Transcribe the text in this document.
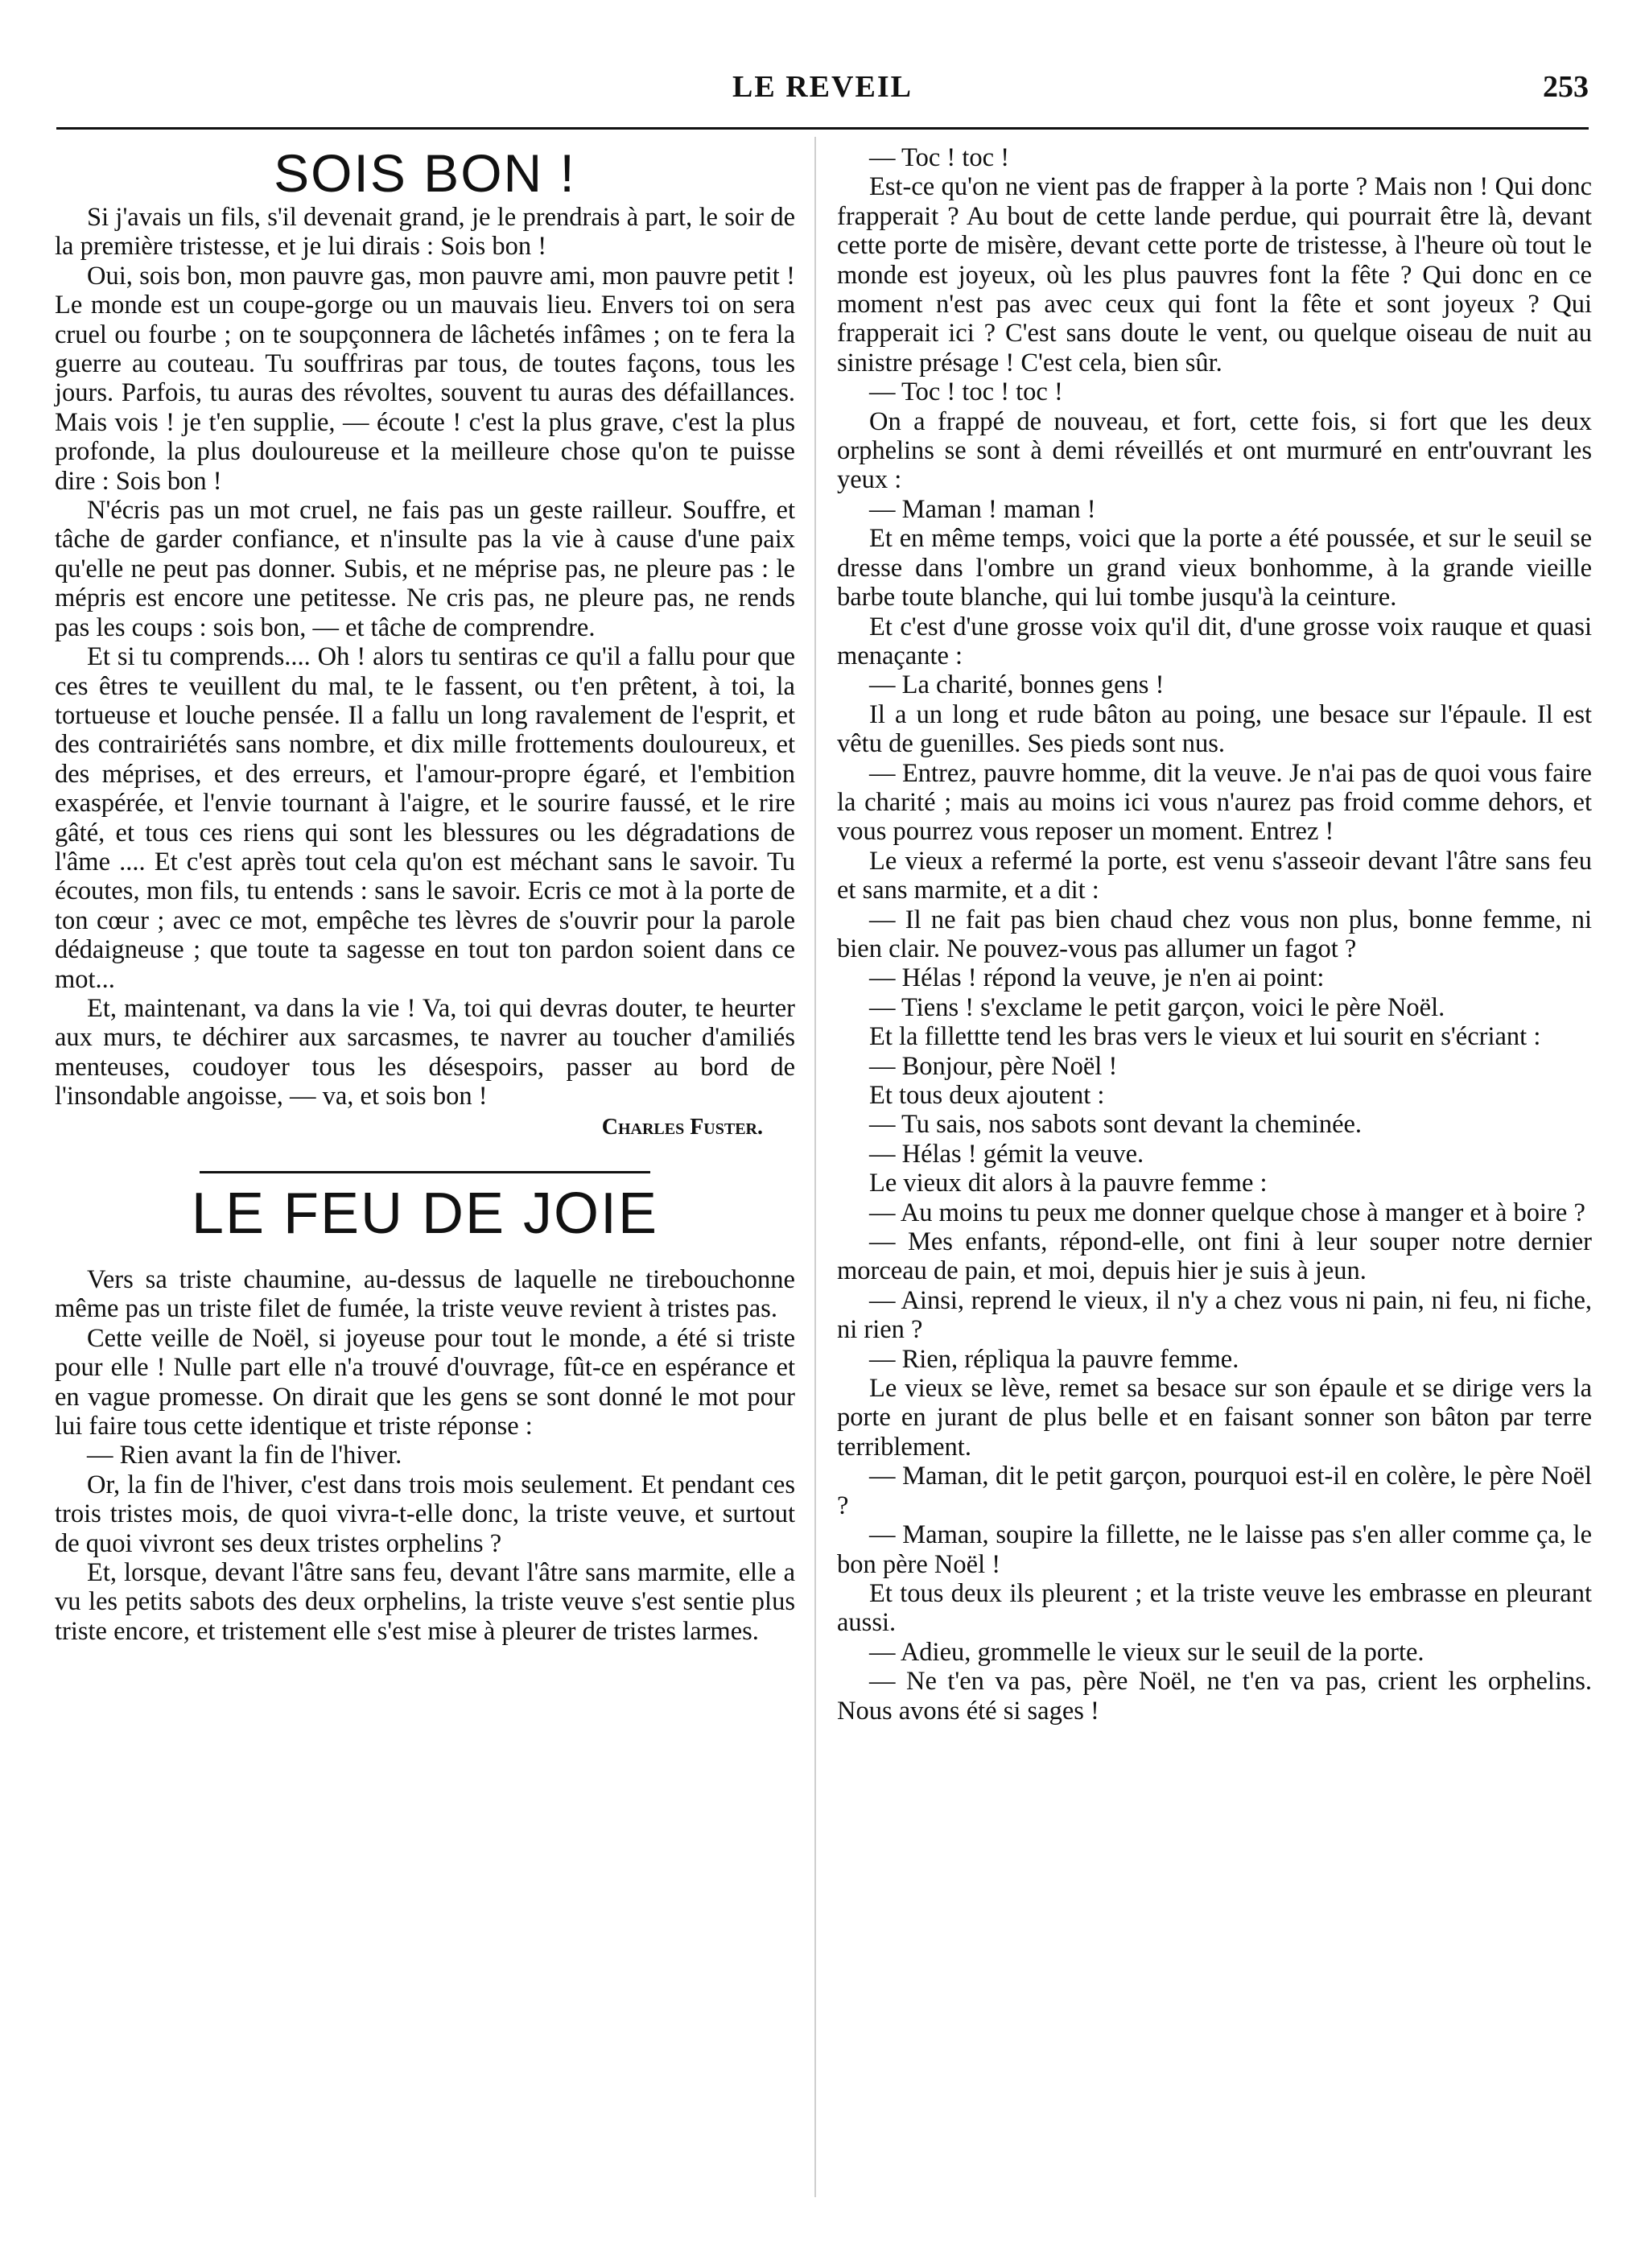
LE REVEIL	253
SOIS BON !

Si j'avais un fils, s'il devenait grand, je le prendrais à part, le soir de la première tristesse, et je lui dirais : Sois bon !

Oui, sois bon, mon pauvre gas, mon pauvre ami, mon pauvre petit ! Le monde est un coupe-gorge ou un mauvais lieu. Envers toi on sera cruel ou fourbe ; on te soupçonnera de lâchetés infâmes ; on te fera la guerre au couteau. Tu souffriras par tous, de toutes façons, tous les jours. Parfois, tu auras des révoltes, souvent tu auras des défaillances. Mais vois ! je t'en supplie, — écoute ! c'est la plus grave, c'est la plus profonde, la plus douloureuse et la meilleure chose qu'on te puisse dire : Sois bon !

N'écris pas un mot cruel, ne fais pas un geste railleur. Souffre, et tâche de garder confiance, et n'insulte pas la vie à cause d'une paix qu'elle ne peut pas donner. Subis, et ne méprise pas, ne pleure pas : le mépris est encore une petitesse. Ne cris pas, ne pleure pas, ne rends pas les coups : sois bon, — et tâche de comprendre.

Et si tu comprends.... Oh ! alors tu sentiras ce qu'il a fallu pour que ces êtres te veuillent du mal, te le fassent, ou t'en prêtent, à toi, la tortueuse et louche pensée. Il a fallu un long ravalement de l'esprit, et des contrairiétés sans nombre, et dix mille frottements douloureux, et des méprises, et des erreurs, et l'amour-propre égaré, et l'embition exaspérée, et l'envie tournant à l'aigre, et le sourire faussé, et le rire gâté, et tous ces riens qui sont les blessures ou les dégradations de l'âme .... Et c'est après tout cela qu'on est méchant sans le savoir. Tu écoutes, mon fils, tu entends : sans le savoir. Ecris ce mot à la porte de ton cœur ; avec ce mot, empêche tes lèvres de s'ouvrir pour la parole dédaigneuse ; que toute ta sagesse en tout ton pardon soient dans ce mot...

Et, maintenant, va dans la vie ! Va, toi qui devras douter, te heurter aux murs, te déchirer aux sarcasmes, te navrer au toucher d'amiliés menteuses, coudoyer tous les désespoirs, passer au bord de l'insondable angoisse, — va, et sois bon !

Charles Fuster.
LE FEU DE JOIE

Vers sa triste chaumine, au-dessus de laquelle ne tirebouchonne même pas un triste filet de fumée, la triste veuve revient à tristes pas.

Cette veille de Noël, si joyeuse pour tout le monde, a été si triste pour elle ! Nulle part elle n'a trouvé d'ouvrage, fût-ce en espérance et en vague promesse. On dirait que les gens se sont donné le mot pour lui faire tous cette identique et triste réponse :

— Rien avant la fin de l'hiver.

Or, la fin de l'hiver, c'est dans trois mois seulement. Et pendant ces trois tristes mois, de quoi vivra-t-elle donc, la triste veuve, et surtout de quoi vivront ses deux tristes orphelins ?

Et, lorsque, devant l'âtre sans feu, devant l'âtre sans marmite, elle a vu les petits sabots des deux orphelins, la triste veuve s'est sentie plus triste encore, et tristement elle s'est mise à pleurer de tristes larmes.

— Toc ! toc !

Est-ce qu'on ne vient pas de frapper à la porte ? Mais non ! Qui donc frapperait ? Au bout de cette lande perdue, qui pourrait être là, devant cette porte de misère, devant cette porte de tristesse, à l'heure où tout le monde est joyeux, où les plus pauvres font la fête ? Qui donc en ce moment n'est pas avec ceux qui font la fête et sont joyeux ? Qui frapperait ici ? C'est sans doute le vent, ou quelque oiseau de nuit au sinistre présage ! C'est cela, bien sûr.

— Toc ! toc ! toc !

On a frappé de nouveau, et fort, cette fois, si fort que les deux orphelins se sont à demi réveillés et ont murmuré en entr'ouvrant les yeux :

— Maman ! maman !

Et en même temps, voici que la porte a été poussée, et sur le seuil se dresse dans l'ombre un grand vieux bonhomme, à la grande vieille barbe toute blanche, qui lui tombe jusqu'à la ceinture.

Et c'est d'une grosse voix qu'il dit, d'une grosse voix rauque et quasi menaçante :

— La charité, bonnes gens !

Il a un long et rude bâton au poing, une besace sur l'épaule. Il est vêtu de guenilles. Ses pieds sont nus.

— Entrez, pauvre homme, dit la veuve. Je n'ai pas de quoi vous faire la charité ; mais au moins ici vous n'aurez pas froid comme dehors, et vous pourrez vous reposer un moment. Entrez !

Le vieux a refermé la porte, est venu s'asseoir devant l'âtre sans feu et sans marmite, et a dit :

— Il ne fait pas bien chaud chez vous non plus, bonne femme, ni bien clair. Ne pouvez-vous pas allumer un fagot ?

— Hélas ! répond la veuve, je n'en ai point:

— Tiens ! s'exclame le petit garçon, voici le père Noël.

Et la fillettte tend les bras vers le vieux et lui sourit en s'écriant :

— Bonjour, père Noël !

Et tous deux ajoutent :

— Tu sais, nos sabots sont devant la cheminée.

— Hélas ! gémit la veuve.

Le vieux dit alors à la pauvre femme :

— Au moins tu peux me donner quelque chose à manger et à boire ?

— Mes enfants, répond-elle, ont fini à leur souper notre dernier morceau de pain, et moi, depuis hier je suis à jeun.

— Ainsi, reprend le vieux, il n'y a chez vous ni pain, ni feu, ni fiche, ni rien ?

— Rien, répliqua la pauvre femme.

Le vieux se lève, remet sa besace sur son épaule et se dirige vers la porte en jurant de plus belle et en faisant sonner son bâton par terre terriblement.

— Maman, dit le petit garçon, pourquoi est-il en colère, le père Noël ?

— Maman, soupire la fillette, ne le laisse pas s'en aller comme ça, le bon père Noël !

Et tous deux ils pleurent ; et la triste veuve les embrasse en pleurant aussi.

— Adieu, grommelle le vieux sur le seuil de la porte.

— Ne t'en va pas, père Noël, ne t'en va pas, crient les orphelins. Nous avons été si sages !
